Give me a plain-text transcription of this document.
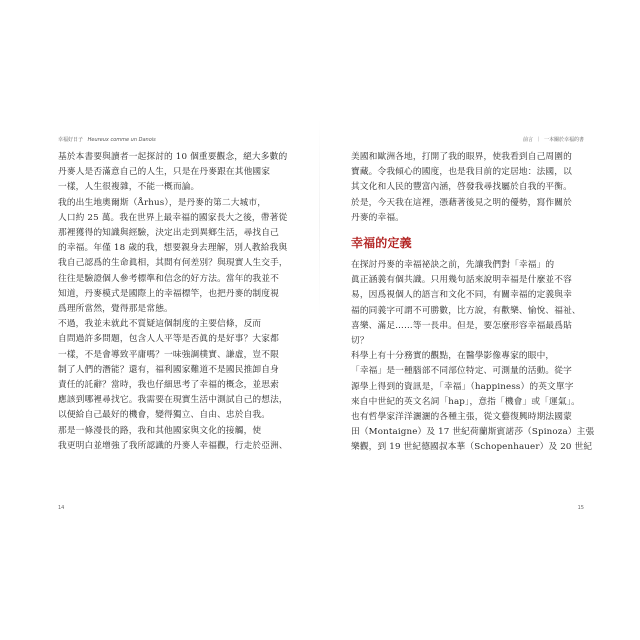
幸福好日子 Heureux comme un Danois

基於本書要與讀者一起探討的 10 個重要觀念，絕大多數的

丹麥人是否滿意自己的人生，只是在丹麥跟在其他國家

一樣，人生很複雜，不能一概而論。

我的出生地奧爾斯（Århus），是丹麥的第二大城市，

人口約 25 萬。我在世界上最幸福的國家長大之後，帶著從

那裡獲得的知識與經驗，決定出走到異鄉生活，尋找自己

的幸福。年僅 18 歲的我，想要親身去理解，別人教給我與

我自己認爲的生命眞相，其間有何差別？與現實人生交手，

往往是驗證個人參考標準和信念的好方法。當年的我並不

知道，丹麥模式是國際上的幸福標竿，也把丹麥的制度視

爲理所當然，覺得那是常態。

不過，我並未就此不質疑這個制度的主要信條，反而

自問過許多問題，包含人人平等是否眞的是好事？大家都

一樣，不是會導致平庸嗎？一味強調樸實、謙虛，豈不限

制了人們的潛能？還有，福利國家難道不是國民推卸自身

責任的託辭？當時，我也仔細思考了幸福的概念，並思索

應該到哪裡尋找它。我需要在現實生活中測試自己的想法，

以便給自己最好的機會，變得獨立、自由、忠於自我。

那是一條漫長的路，我和其他國家與文化的接觸，使

我更明白並增強了我所認識的丹麥人幸福觀，行走於亞洲、

14
前言 ｜ 一本關於幸福的書

美國和歐洲各地，打開了我的眼界，使我看到自己周圍的

寶藏。令我傾心的國度，也是我目前的定居地：法國，以

其文化和人民的豐富內涵，啓發我尋找屬於自我的平衡。

於是，今天我在這裡，憑藉著後見之明的優勢，寫作關於

丹麥的幸福。

幸福的定義

在探討丹麥的幸福祕訣之前，先讓我們對「幸福」的

眞正涵義有個共識。只用幾句話來說明幸福是什麼並不容

易，因爲視個人的語言和文化不同，有關幸福的定義與幸

福的同義字可謂不可勝數，比方說，有歡樂、愉悅、福祉、

喜樂、滿足……等一長串。但是，要怎麼形容幸福最爲貼

切？

科學上有十分務實的觀點，在醫學影像專家的眼中，

「幸福」是一種腦部不同部位特定、可測量的活動。從字

源學上得到的資訊是，「幸福」（happiness）的英文單字

來自中世紀的英文名詞「hap」，意指「機會」或「運氣」。

也有哲學家洋洋灑灑的各種主張，從文藝復興時期法國蒙

田（Montaigne）及 17 世紀荷蘭斯賓諾莎（Spinoza）主張

樂觀，到 19 世紀德國叔本華（Schopenhauer）及 20 世紀

15
